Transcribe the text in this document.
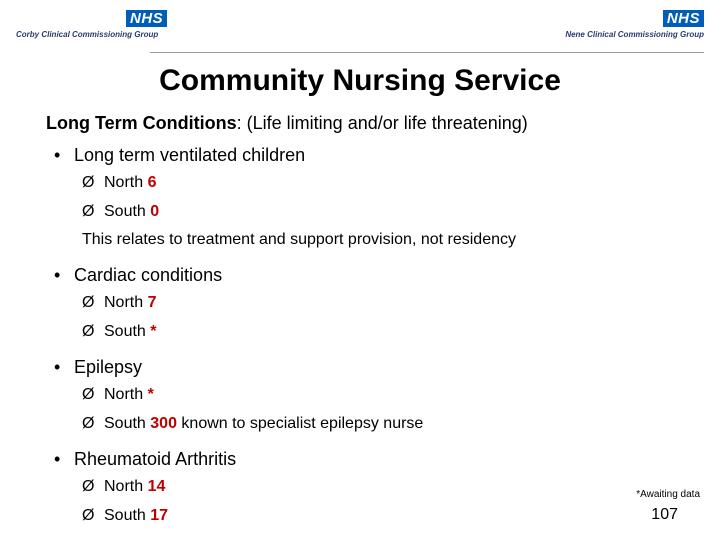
NHS
Corby Clinical Commissioning Group
NHS
Nene Clinical Commissioning Group
Community Nursing Service
Long Term Conditions: (Life limiting and/or life threatening)
• Long term ventilated children
Ø North 6
Ø South 0
This relates to treatment and support provision, not residency
• Cardiac conditions
Ø North 7
Ø South *
• Epilepsy
Ø North *
Ø South 300 known to specialist epilepsy nurse
• Rheumatoid Arthritis
Ø North 14
Ø South 17
*Awaiting data
107
